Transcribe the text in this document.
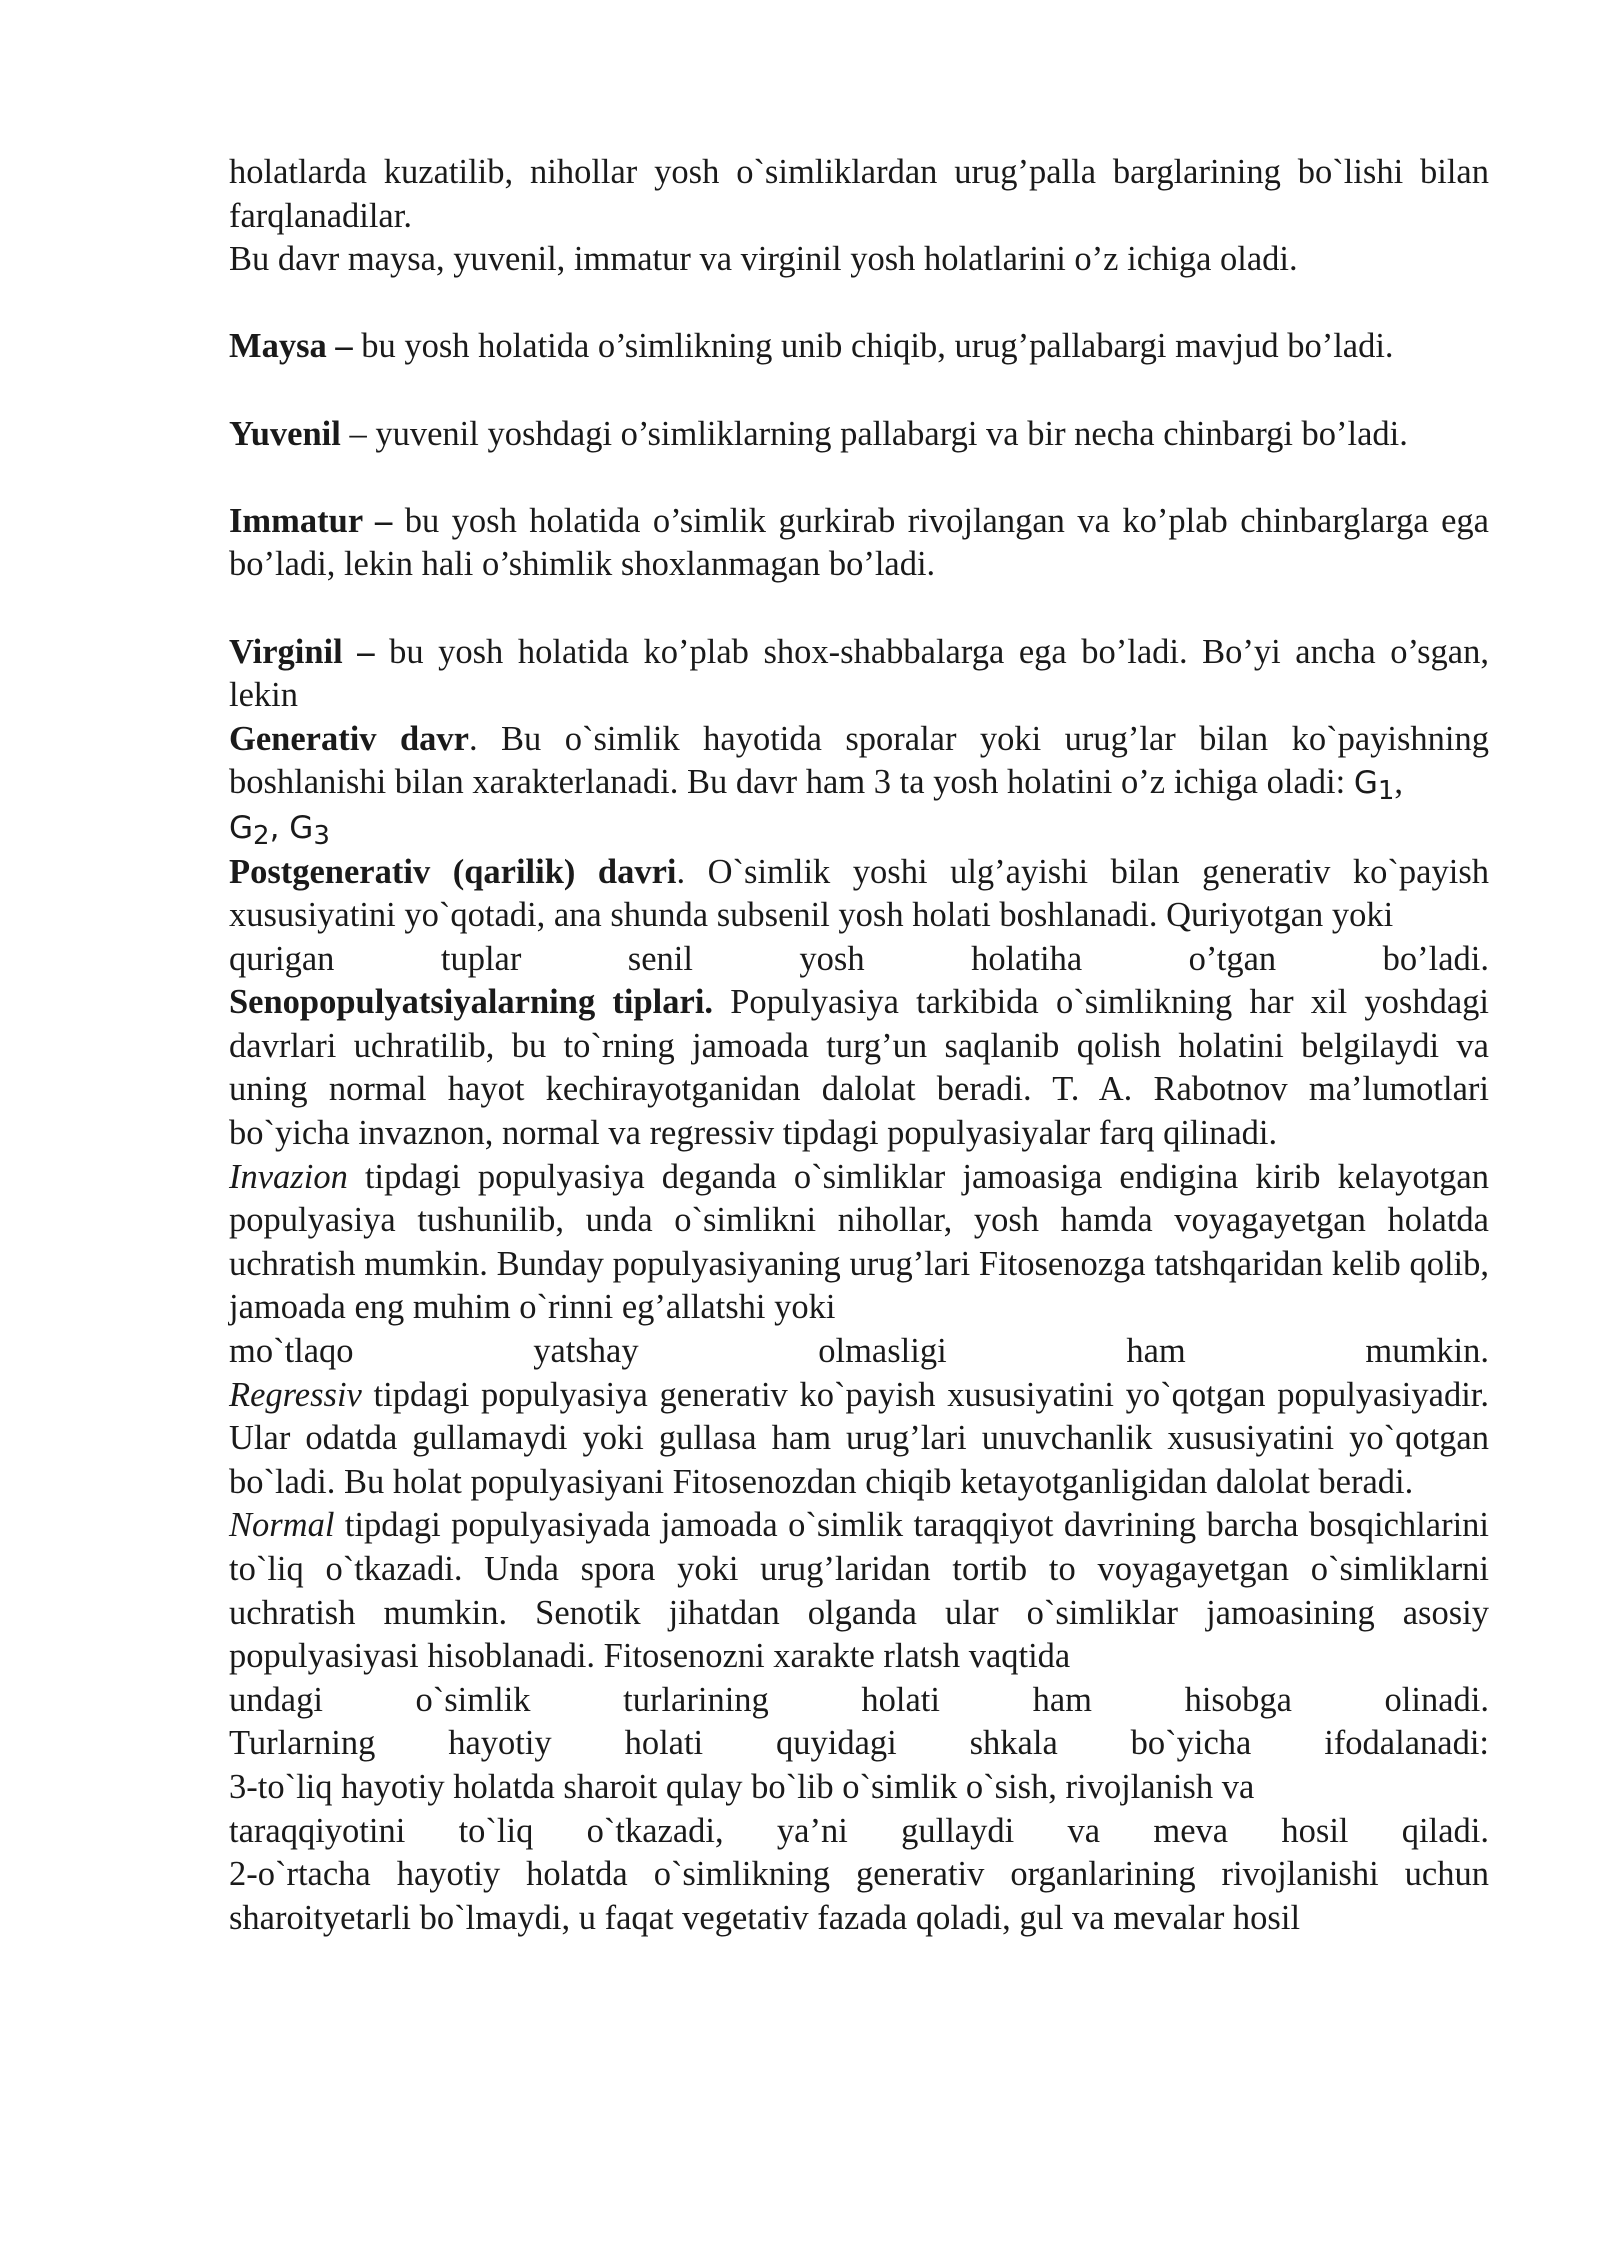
holatlarda kuzatilib, nihollar yosh o`simliklardan urug’palla barglarining bo`lishi bilan farqlanadilar.

Bu davr maysa, yuvenil, immatur va virginil yosh holatlarini o’z ichiga oladi.

Maysa – bu yosh holatida o’simlikning unib chiqib, urug’pallabargi mavjud bo’ladi.

Yuvenil – yuvenil yoshdagi o’simliklarning pallabargi va bir necha chinbargi bo’ladi.

Immatur – bu yosh holatida o’simlik gurkirab rivojlangan va ko’plab chinbarglarga ega bo’ladi, lekin hali o’shimlik shoxlanmagan bo’ladi.

Virginil – bu yosh holatida ko’plab shox-shabbalarga ega bo’ladi. Bo’yi ancha o’sgan, lekin

Generativ davr. Bu o`simlik hayotida sporalar yoki urug’lar bilan ko`payishning boshlanishi bilan xarakterlanadi. Bu davr ham 3 ta yosh holatini o’z ichiga oladi: $G_1$,
$G_2$, $G_3$

Postgenerativ (qarilik) davri. O`simlik yoshi ulg’ayishi bilan generativ ko`payish xususiyatini yo`qotadi, ana shunda subsenil yosh holati boshlanadi. Quriyotgan yoki
qurigan tuplar senil yosh holatiha o’tgan bo’ladi.

Senopopulyatsiyalarning tiplari. Populyasiya tarkibida o`simlikning har xil yoshdagi davrlari uchratilib, bu to`rning jamoada turg’un saqlanib qolish holatini belgilaydi va uning normal hayot kechirayotganidan dalolat beradi. T. A. Rabotnov ma’lumotlari bo`yicha invaznon, normal va regressiv tipdagi populyasiyalar farq qilinadi.

Invazion tipdagi populyasiya deganda o`simliklar jamoasiga endigina kirib kelayotgan populyasiya tushunilib, unda o`simlikni nihollar, yosh hamda voyagayetgan holatda uchratish mumkin. Bunday populyasiyaning urug’lari Fitosenozga tatshqaridan kelib qolib, jamoada eng muhim o`rinni eg’allatshi yoki
mo`tlaqo yatshay olmasligi ham mumkin.

Regressiv tipdagi populyasiya generativ ko`payish xususiyatini yo`qotgan populyasiyadir. Ular odatda gullamaydi yoki gullasa ham urug’lari unuvchanlik xususiyatini yo`qotgan bo`ladi. Bu holat populyasiyani Fitosenozdan chiqib ketayotganligidan dalolat beradi.

Normal tipdagi populyasiyada jamoada o`simlik taraqqiyot davrining barcha bosqichlarini to`liq o`tkazadi. Unda spora yoki urug’laridan tortib to voyagayetgan o`simliklarni uchratish mumkin. Senotik jihatdan olganda ular o`simliklar jamoasining asosiy populyasiyasi hisoblanadi. Fitosenozni xarakte rlatsh vaqtida
undagi o`simlik turlarining holati ham hisobga olinadi.
Turlarning hayotiy holati quyidagi shkala bo`yicha ifodalanadi:

3-to`liq hayotiy holatda sharoit qulay bo`lib o`simlik o`sish, rivojlanish va
taraqqiyotini to`liq o`tkazadi, ya’ni gullaydi va meva hosil qiladi.

2-o`rtacha hayotiy holatda o`simlikning generativ organlarining rivojlanishi uchun sharoityetarli bo`lmaydi, u faqat vegetativ fazada qoladi, gul va mevalar hosil
